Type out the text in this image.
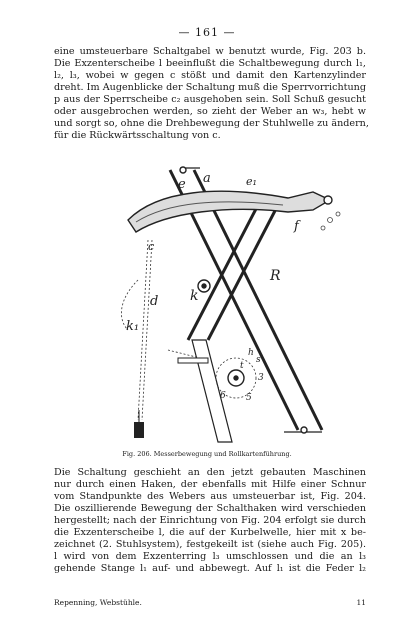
— 161 —
eine umsteuerbare Schaltgabel w benutzt wurde, Fig. 203 b.
Die Exzenterscheibe l beeinflußt die Schaltbewegung durch l₁,
l₂, l₃, wobei w gegen c stößt und damit den Kartenzylinder
dreht. Im Augenblicke der Schaltung muß die Sperrvorrichtung
p aus der Sperrscheibe c₂ ausgehoben sein. Soll Schuß gesucht
oder ausgebrochen werden, so zieht der Weber an w₃, hebt w
und sorgt so, ohne die Drehbewegung der Stuhlwelle zu ändern,
für die Rückwärtsschaltung von c.
e a	e₁
f
c
d k
R
k₁
h
s
t
3
6 5
Fig. 206. Messerbewegung und Rollkartenführung.
Die Schaltung geschieht an den jetzt gebauten Maschinen
nur durch einen Haken, der ebenfalls mit Hilfe einer Schnur
vom Standpunkte des Webers aus umsteuerbar ist, Fig. 204.
Die oszillierende Bewegung der Schalthaken wird verschieden
hergestellt; nach der Einrichtung von Fig. 204 erfolgt sie durch
die Exzenterscheibe l, die auf der Kurbelwelle, hier mit x be-
zeichnet (2. Stuhlsystem), festgekeilt ist (siehe auch Fig. 205).
l wird von dem Exzenterring l₃ umschlossen und die an l₃
gehende Stange l₁ auf- und abbewegt. Auf l₁ ist die Feder l₂
Repenning, Webstühle.	11
